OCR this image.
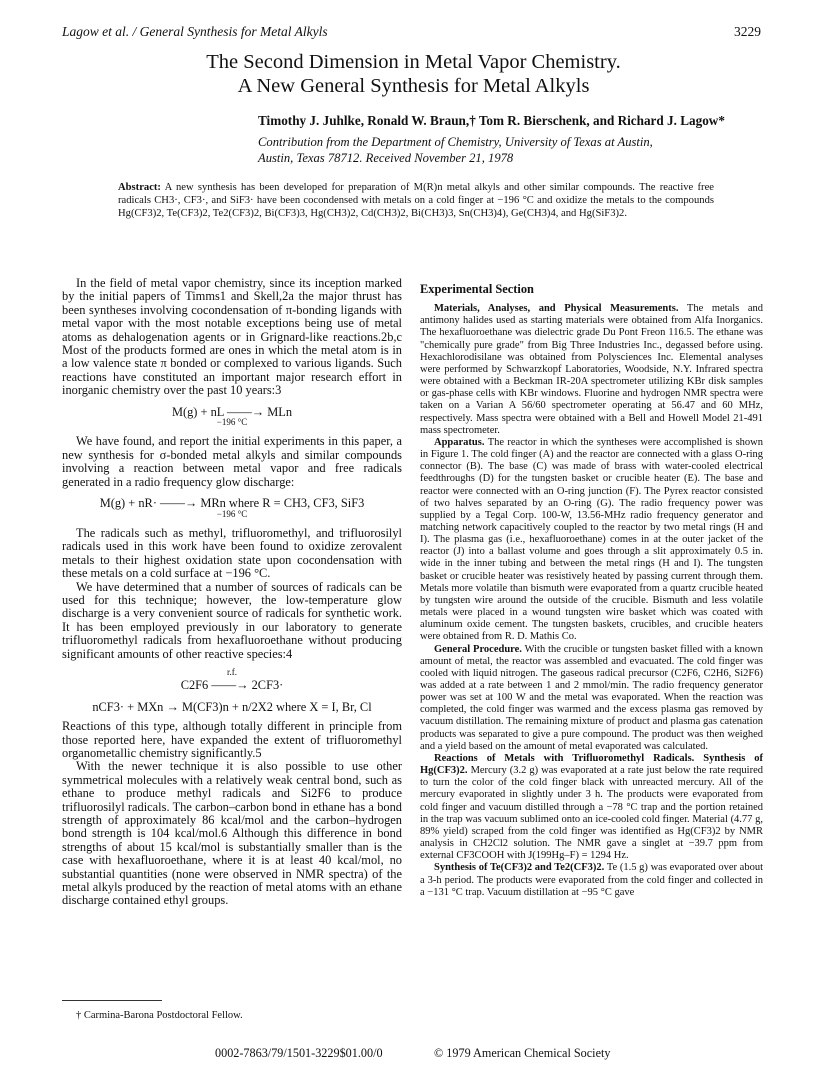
Lagow et al. / General Synthesis for Metal Alkyls	3229
The Second Dimension in Metal Vapor Chemistry.
A New General Synthesis for Metal Alkyls
Timothy J. Juhlke, Ronald W. Braun,† Tom R. Bierschenk, and Richard J. Lagow*
Contribution from the Department of Chemistry, University of Texas at Austin,
Austin, Texas 78712. Received November 21, 1978
Abstract: A new synthesis has been developed for preparation of M(R)n metal alkyls and other similar compounds. The reactive free radicals CH3·, CF3·, and SiF3· have been cocondensed with metals on a cold finger at −196 °C and oxidize the metals to the compounds Hg(CF3)2, Te(CF3)2, Te2(CF3)2, Bi(CF3)3, Hg(CH3)2, Cd(CH3)2, Bi(CH3)3, Sn(CH3)4), Ge(CH3)4, and Hg(SiF3)2.

In the field of metal vapor chemistry, since its inception marked by the initial papers of Timms1 and Skell,2a the major thrust has been syntheses involving cocondensation of π-bonding ligands with metal vapor with the most notable exceptions being use of metal atoms as dehalogenation agents or in Grignard-like reactions.2b,c Most of the products formed are ones in which the metal atom is in a low valence state π bonded or complexed to various ligands. Such reactions have constituted an important major research effort in inorganic chemistry over the past 10 years:3

M(g) + nL ——→ MLn
−196 °C

We have found, and report the initial experiments in this paper, a new synthesis for σ-bonded metal alkyls and similar compounds involving a reaction between metal vapor and free radicals generated in a radio frequency glow discharge:

M(g) + nR· ——→ MRn where R = CH3, CF3, SiF3
−196 °C

The radicals such as methyl, trifluoromethyl, and trifluorosilyl radicals used in this work have been found to oxidize zerovalent metals to their highest oxidation state upon cocondensation with these metals on a cold surface at −196 °C.

We have determined that a number of sources of radicals can be used for this technique; however, the low-temperature glow discharge is a very convenient source of radicals for synthetic work. It has been employed previously in our laboratory to generate trifluoromethyl radicals from hexafluoroethane without producing significant amounts of other reactive species:4

r.f.
C2F6 ——→ 2CF3·
nCF3· + MXn → M(CF3)n + n/2X2 where X = I, Br, Cl

Reactions of this type, although totally different in principle from those reported here, have expanded the extent of trifluoromethyl organometallic chemistry significantly.5

With the newer technique it is also possible to use other symmetrical molecules with a relatively weak central bond, such as ethane to produce methyl radicals and Si2F6 to produce trifluorosilyl radicals. The carbon–carbon bond in ethane has a bond strength of approximately 86 kcal/mol and the carbon–hydrogen bond strength is 104 kcal/mol.6 Although this difference in bond strengths of about 15 kcal/mol is substantially smaller than is the case with hexafluoroethane, where it is at least 40 kcal/mol, no substantial quantities (none were observed in NMR spectra) of the metal alkyls produced by the reaction of metal atoms with an ethane discharge contained ethyl groups.

† Carmina-Barona Postdoctoral Fellow.
Experimental Section

Materials, Analyses, and Physical Measurements. The metals and antimony halides used as starting materials were obtained from Alfa Inorganics. The hexafluoroethane was dielectric grade Du Pont Freon 116.5. The ethane was "chemically pure grade" from Big Three Industries Inc., degassed before using. Hexachlorodisilane was obtained from Polysciences Inc. Elemental analyses were performed by Schwarzkopf Laboratories, Woodside, N.Y. Infrared spectra were obtained with a Beckman IR-20A spectrometer utilizing KBr disk samples or gas-phase cells with KBr windows. Fluorine and hydrogen NMR spectra were taken on a Varian A 56/60 spectrometer operating at 56.47 and 60 MHz, respectively. Mass spectra were obtained with a Bell and Howell Model 21-491 mass spectrometer.

Apparatus. The reactor in which the syntheses were accomplished is shown in Figure 1. The cold finger (A) and the reactor are connected with a glass O-ring connector (B). The base (C) was made of brass with water-cooled electrical feedthroughs (D) for the tungsten basket or crucible heater (E). The base and reactor were connected with an O-ring junction (F). The Pyrex reactor consisted of two halves separated by an O-ring (G). The radio frequency power was supplied by a Tegal Corp. 100-W, 13.56-MHz radio frequency generator and matching network capacitively coupled to the reactor by two metal rings (H and I). The plasma gas (i.e., hexafluoroethane) comes in at the outer jacket of the reactor (J) into a ballast volume and goes through a slit approximately 0.5 in. wide in the inner tubing and between the metal rings (H and I). The tungsten basket or crucible heater was resistively heated by passing current through them. Metals more volatile than bismuth were evaporated from a quartz crucible heated by tungsten wire around the outside of the crucible. Bismuth and less volatile metals were placed in a wound tungsten wire basket which was coated with aluminum oxide cement. The tungsten baskets, crucibles, and crucible heaters were obtained from R. D. Mathis Co.

General Procedure. With the crucible or tungsten basket filled with a known amount of metal, the reactor was assembled and evacuated. The cold finger was cooled with liquid nitrogen. The gaseous radical precursor (C2F6, C2H6, Si2F6) was added at a rate between 1 and 2 mmol/min. The radio frequency generator power was set at 100 W and the metal was evaporated. When the reaction was completed, the cold finger was warmed and the excess plasma gas removed by vacuum distillation. The remaining mixture of product and plasma gas catenation products was separated to give a pure compound. The product was then weighed and a yield based on the amount of metal evaporated was calculated.

Reactions of Metals with Trifluoromethyl Radicals. Synthesis of Hg(CF3)2. Mercury (3.2 g) was evaporated at a rate just below the rate required to turn the color of the cold finger black with unreacted mercury. All of the mercury evaporated in slightly under 3 h. The products were evaporated from cold finger and vacuum distilled through a −78 °C trap and the portion retained in the trap was vacuum sublimed onto an ice-cooled cold finger. Material (4.77 g, 89% yield) scraped from the cold finger was identified as Hg(CF3)2 by NMR analysis in CH2Cl2 solution. The NMR gave a singlet at −39.7 ppm from external CF3COOH with J(199Hg–F) = 1294 Hz.

Synthesis of Te(CF3)2 and Te2(CF3)2. Te (1.5 g) was evaporated over about a 3-h period. The products were evaporated from the cold finger and collected in a −131 °C trap. Vacuum distillation at −95 °C gave

0002-7863/79/1501-3229$01.00/0	© 1979 American Chemical Society
